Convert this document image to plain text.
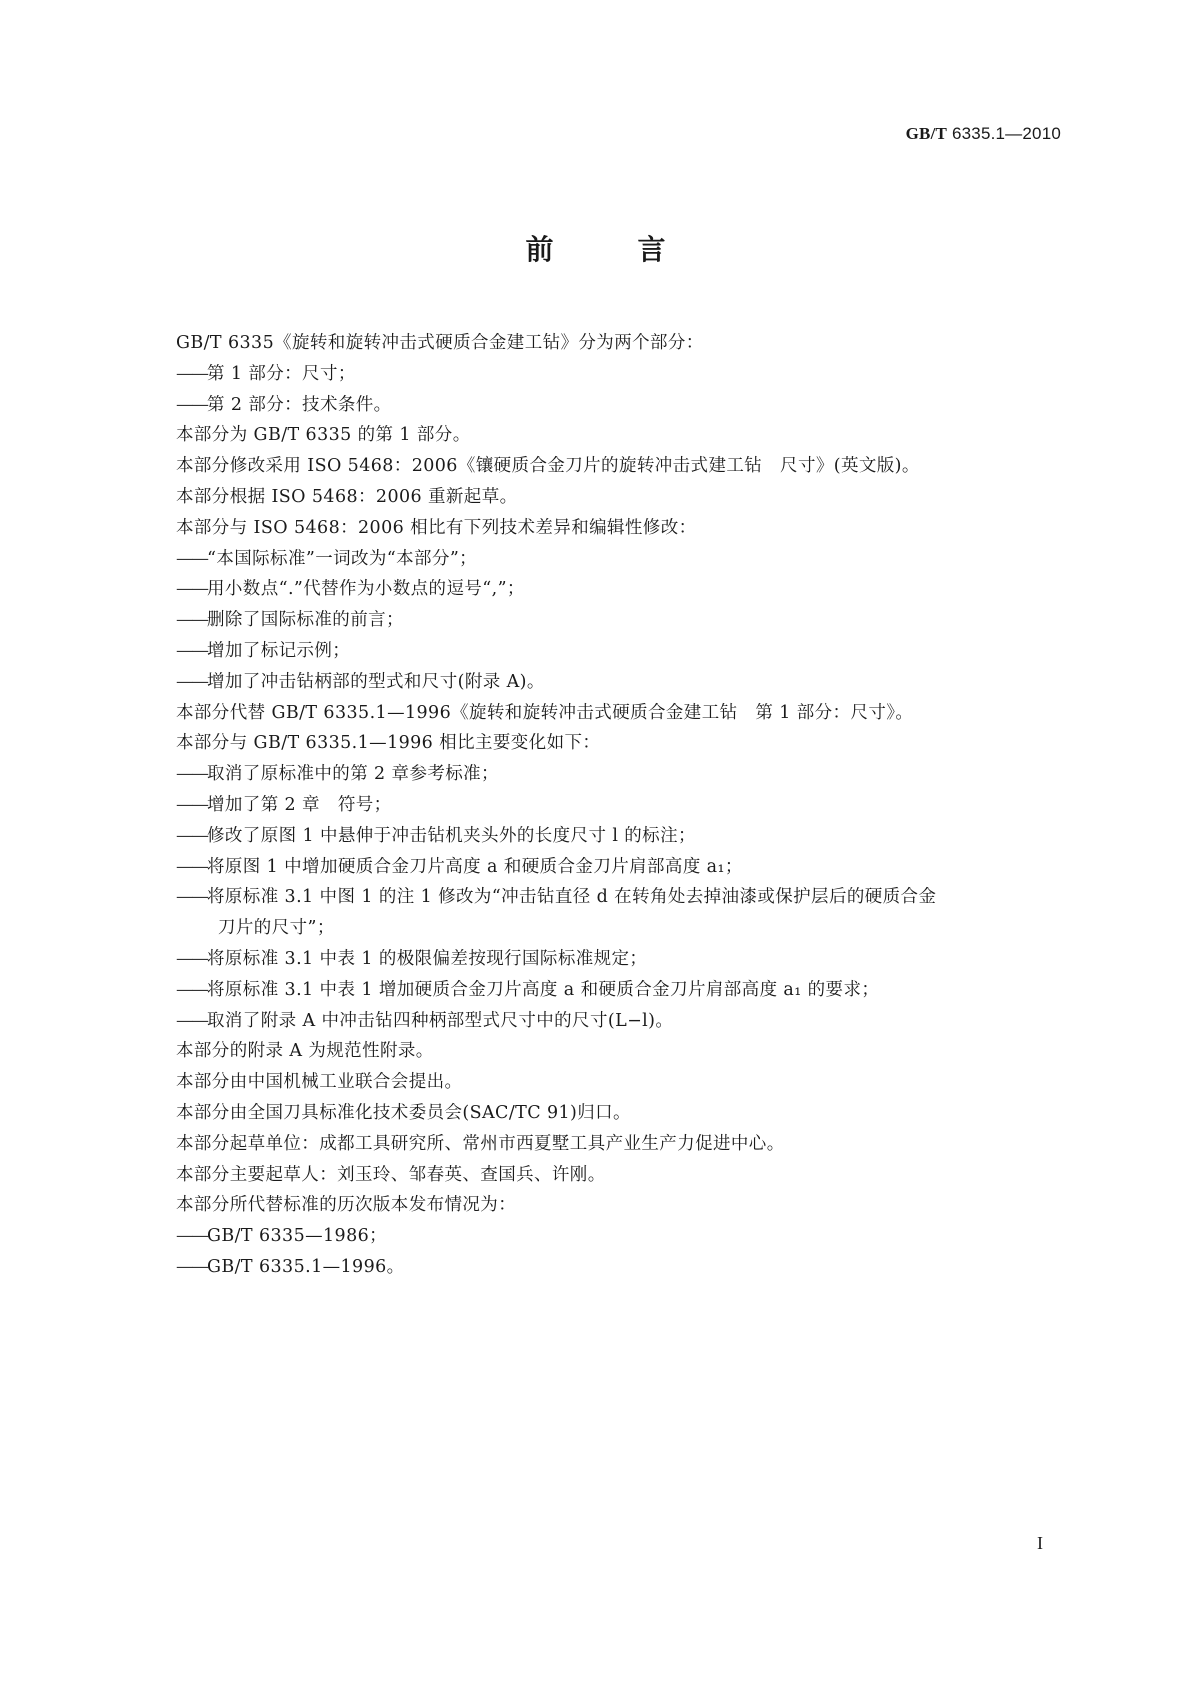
GB/T 6335.1—2010
前	言
GB/T 6335《旋转和旋转冲击式硬质合金建工钻》分为两个部分：
——第 1 部分：尺寸；
——第 2 部分：技术条件。
本部分为 GB/T 6335 的第 1 部分。
本部分修改采用 ISO 5468：2006《镶硬质合金刀片的旋转冲击式建工钻　尺寸》(英文版)。
本部分根据 ISO 5468：2006 重新起草。
本部分与 ISO 5468：2006 相比有下列技术差异和编辑性修改：
——“本国际标准”一词改为“本部分”；
——用小数点“.”代替作为小数点的逗号“,”；
——删除了国际标准的前言；
——增加了标记示例；
——增加了冲击钻柄部的型式和尺寸(附录 A)。
本部分代替 GB/T 6335.1—1996《旋转和旋转冲击式硬质合金建工钻　第 1 部分：尺寸》。
本部分与 GB/T 6335.1—1996 相比主要变化如下：
——取消了原标准中的第 2 章参考标准；
——增加了第 2 章　符号；
——修改了原图 1 中悬伸于冲击钻机夹头外的长度尺寸 l 的标注；
——将原图 1 中增加硬质合金刀片高度 a 和硬质合金刀片肩部高度 a₁；
——将原标准 3.1 中图 1 的注 1 修改为“冲击钻直径 d 在转角处去掉油漆或保护层后的硬质合金
刀片的尺寸”；
——将原标准 3.1 中表 1 的极限偏差按现行国际标准规定；
——将原标准 3.1 中表 1 增加硬质合金刀片高度 a 和硬质合金刀片肩部高度 a₁ 的要求；
——取消了附录 A 中冲击钻四种柄部型式尺寸中的尺寸(L−l)。
本部分的附录 A 为规范性附录。
本部分由中国机械工业联合会提出。
本部分由全国刀具标准化技术委员会(SAC/TC 91)归口。
本部分起草单位：成都工具研究所、常州市西夏墅工具产业生产力促进中心。
本部分主要起草人：刘玉玲、邹春英、查国兵、许刚。
本部分所代替标准的历次版本发布情况为：
——GB/T 6335—1986；
——GB/T 6335.1—1996。
I
